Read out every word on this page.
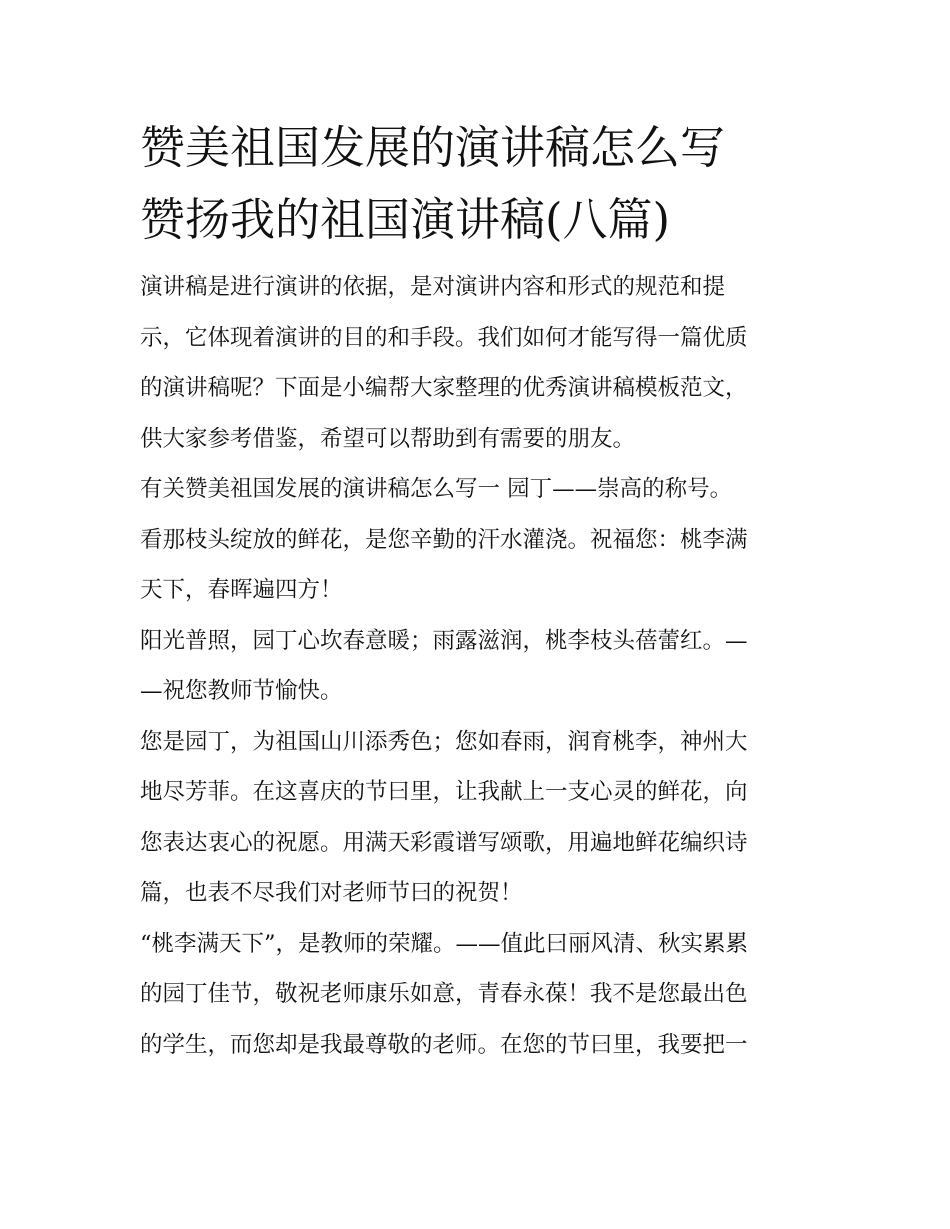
赞美祖国发展的演讲稿怎么写
赞扬我的祖国演讲稿(八篇)

演讲稿是进行演讲的依据，是对演讲内容和形式的规范和提
示，它体现着演讲的目的和手段。我们如何才能写得一篇优质
的演讲稿呢？下面是小编帮大家整理的优秀演讲稿模板范文，
供大家参考借鉴，希望可以帮助到有需要的朋友。

有关赞美祖国发展的演讲稿怎么写一 园丁——崇高的称号。
看那枝头绽放的鲜花，是您辛勤的汗水灌浇。祝福您：桃李满
天下，春晖遍四方！

阳光普照，园丁心坎春意暖；雨露滋润，桃李枝头蓓蕾红。—
—祝您教师节愉快。

您是园丁，为祖国山川添秀色；您如春雨，润育桃李，神州大
地尽芳菲。在这喜庆的节曰里，让我献上一支心灵的鲜花，向
您表达衷心的祝愿。用满天彩霞谱写颂歌，用遍地鲜花编织诗
篇，也表不尽我们对老师节曰的祝贺！

“桃李满天下”，是教师的荣耀。——值此曰丽风清、秋实累累
的园丁佳节，敬祝老师康乐如意，青春永葆！我不是您最出色
的学生，而您却是我最尊敬的老师。在您的节曰里，我要把一
